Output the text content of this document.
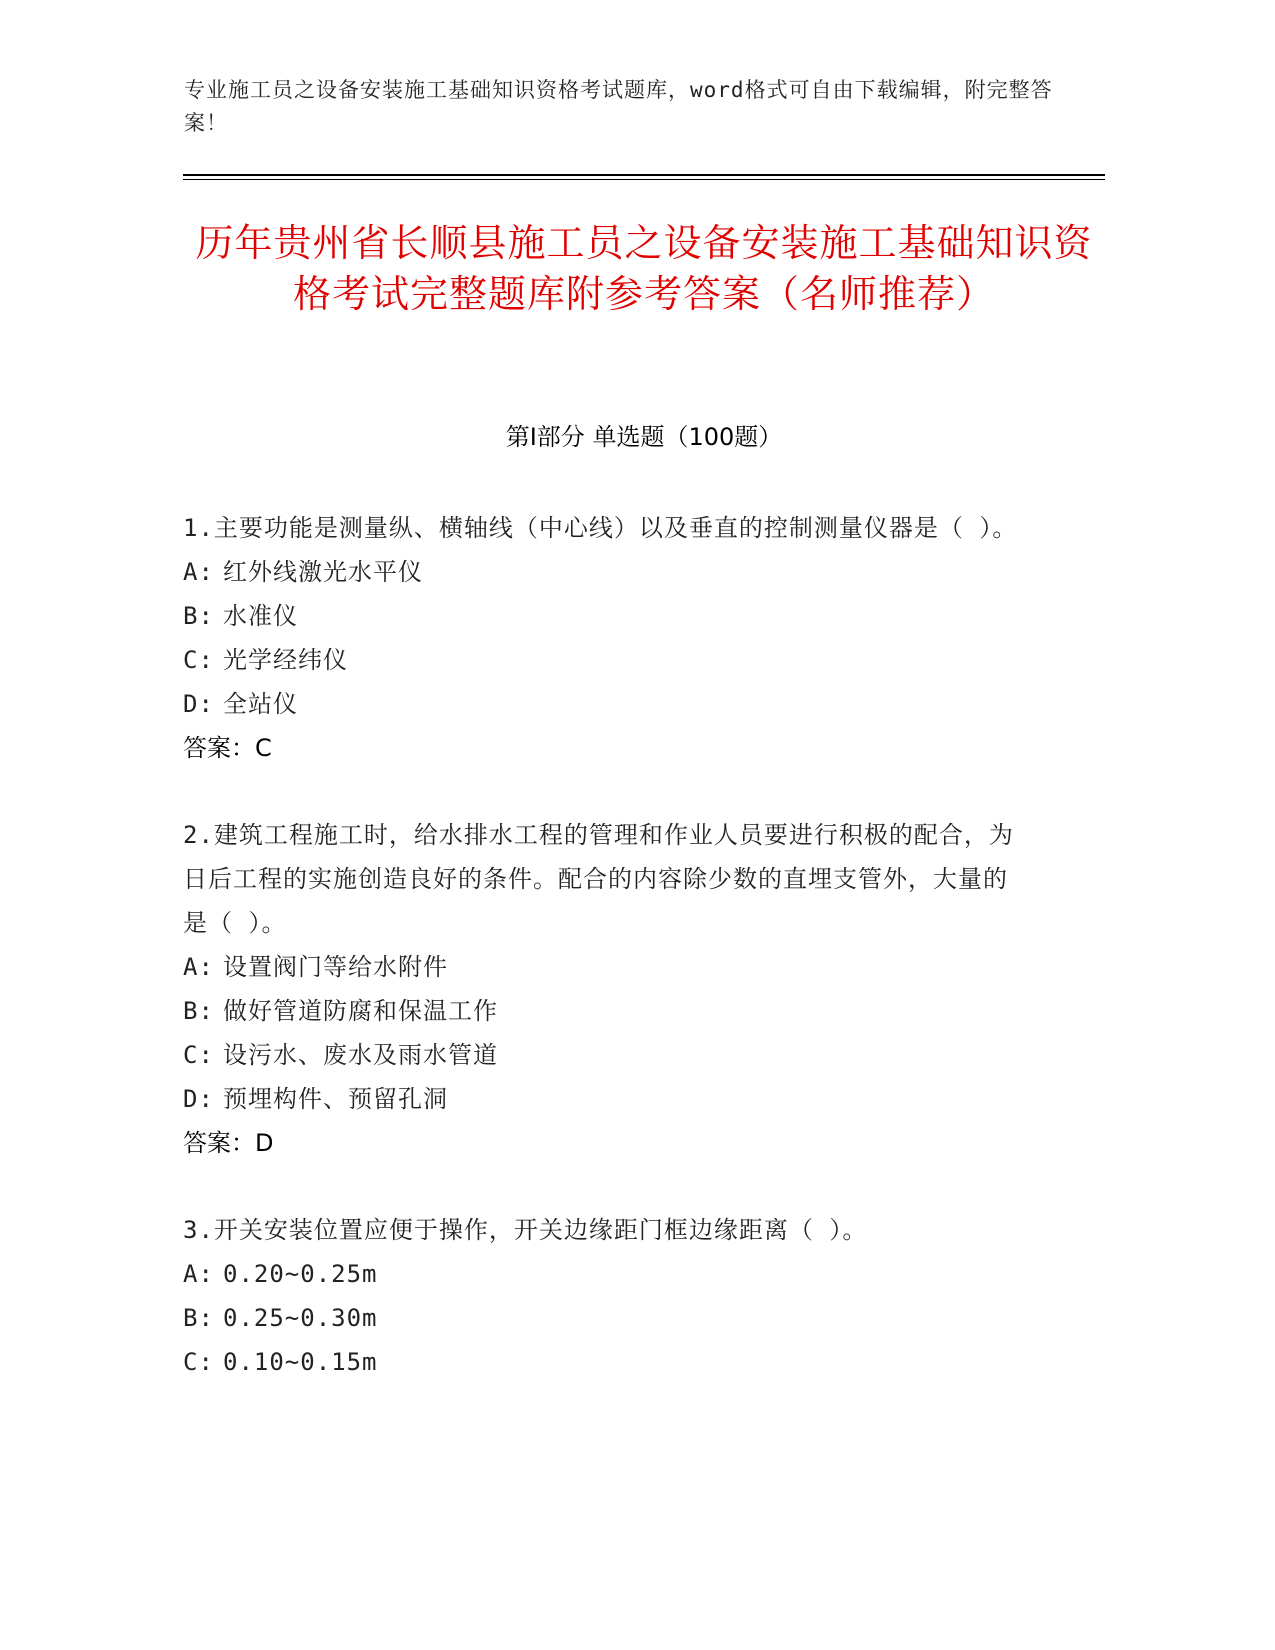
专业施工员之设备安装施工基础知识资格考试题库，word格式可自由下载编辑，附完整答案！
历年贵州省长顺县施工员之设备安装施工基础知识资格考试完整题库附参考答案（名师推荐）
第Ⅰ部分 单选题（100题）

1.主要功能是测量纵、横轴线（中心线）以及垂直的控制测量仪器是（ ）。

A: 红外线激光水平仪

B: 水准仪

C: 光学经纬仪

D: 全站仪

答案：C

2.建筑工程施工时，给水排水工程的管理和作业人员要进行积极的配合，为日后工程的实施创造良好的条件。配合的内容除少数的直埋支管外，大量的是（ ）。

A: 设置阀门等给水附件

B: 做好管道防腐和保温工作

C: 设污水、废水及雨水管道

D: 预埋构件、预留孔洞

答案：D

3.开关安装位置应便于操作，开关边缘距门框边缘距离（ ）。

A: 0.20~0.25m

B: 0.25~0.30m

C: 0.10~0.15m
